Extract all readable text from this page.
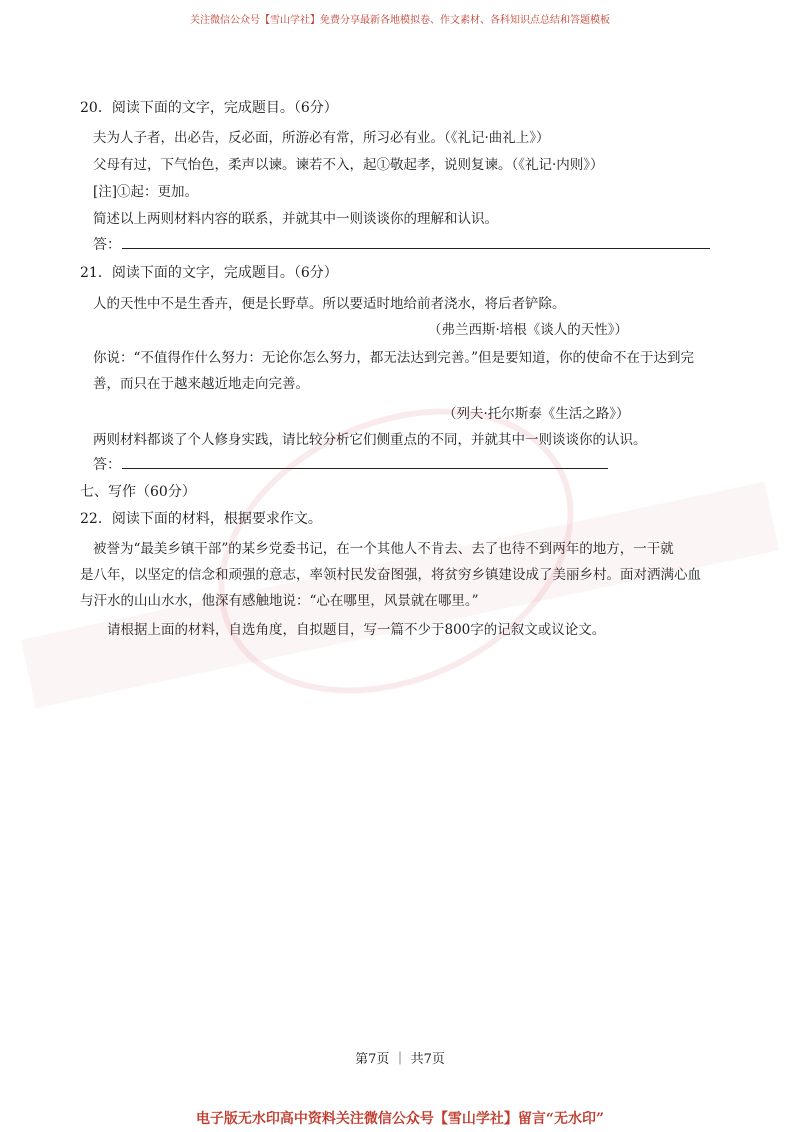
关注微信公众号【雪山学社】免费分享最新各地模拟卷、作文素材、各科知识点总结和答题模板
20．阅读下面的文字，完成题目。（6分）
夫为人子者，出必告，反必面，所游必有常，所习必有业。（《礼记·曲礼上》）
父母有过，下气怡色，柔声以谏。谏若不入，起①敬起孝，说则复谏。（《礼记·内则》）
[注]①起：更加。
简述以上两则材料内容的联系，并就其中一则谈谈你的理解和认识。
答：
21．阅读下面的文字，完成题目。（6分）
人的天性中不是生香卉，便是长野草。所以要适时地给前者浇水，将后者铲除。
（弗兰西斯·培根《谈人的天性》）
你说：“不值得作什么努力：无论你怎么努力，都无法达到完善。”但是要知道，你的使命不在于达到完
善，而只在于越来越近地走向完善。
（列夫·托尔斯泰《生活之路》）
两则材料都谈了个人修身实践，请比较分析它们侧重点的不同，并就其中一则谈谈你的认识。
答：
七、写作（60分）
22．阅读下面的材料，根据要求作文。
被誉为“最美乡镇干部”的某乡党委书记，在一个其他人不肯去、去了也待不到两年的地方，一干就
是八年，以坚定的信念和顽强的意志，率领村民发奋图强，将贫穷乡镇建设成了美丽乡村。面对洒满心血
与汗水的山山水水，他深有感触地说：“心在哪里，风景就在哪里。”
请根据上面的材料，自选角度，自拟题目，写一篇不少于800字的记叙文或议论文。
第7页 ｜ 共7页
电子版无水印高中资料关注微信公众号【雪山学社】留言“无水印”
